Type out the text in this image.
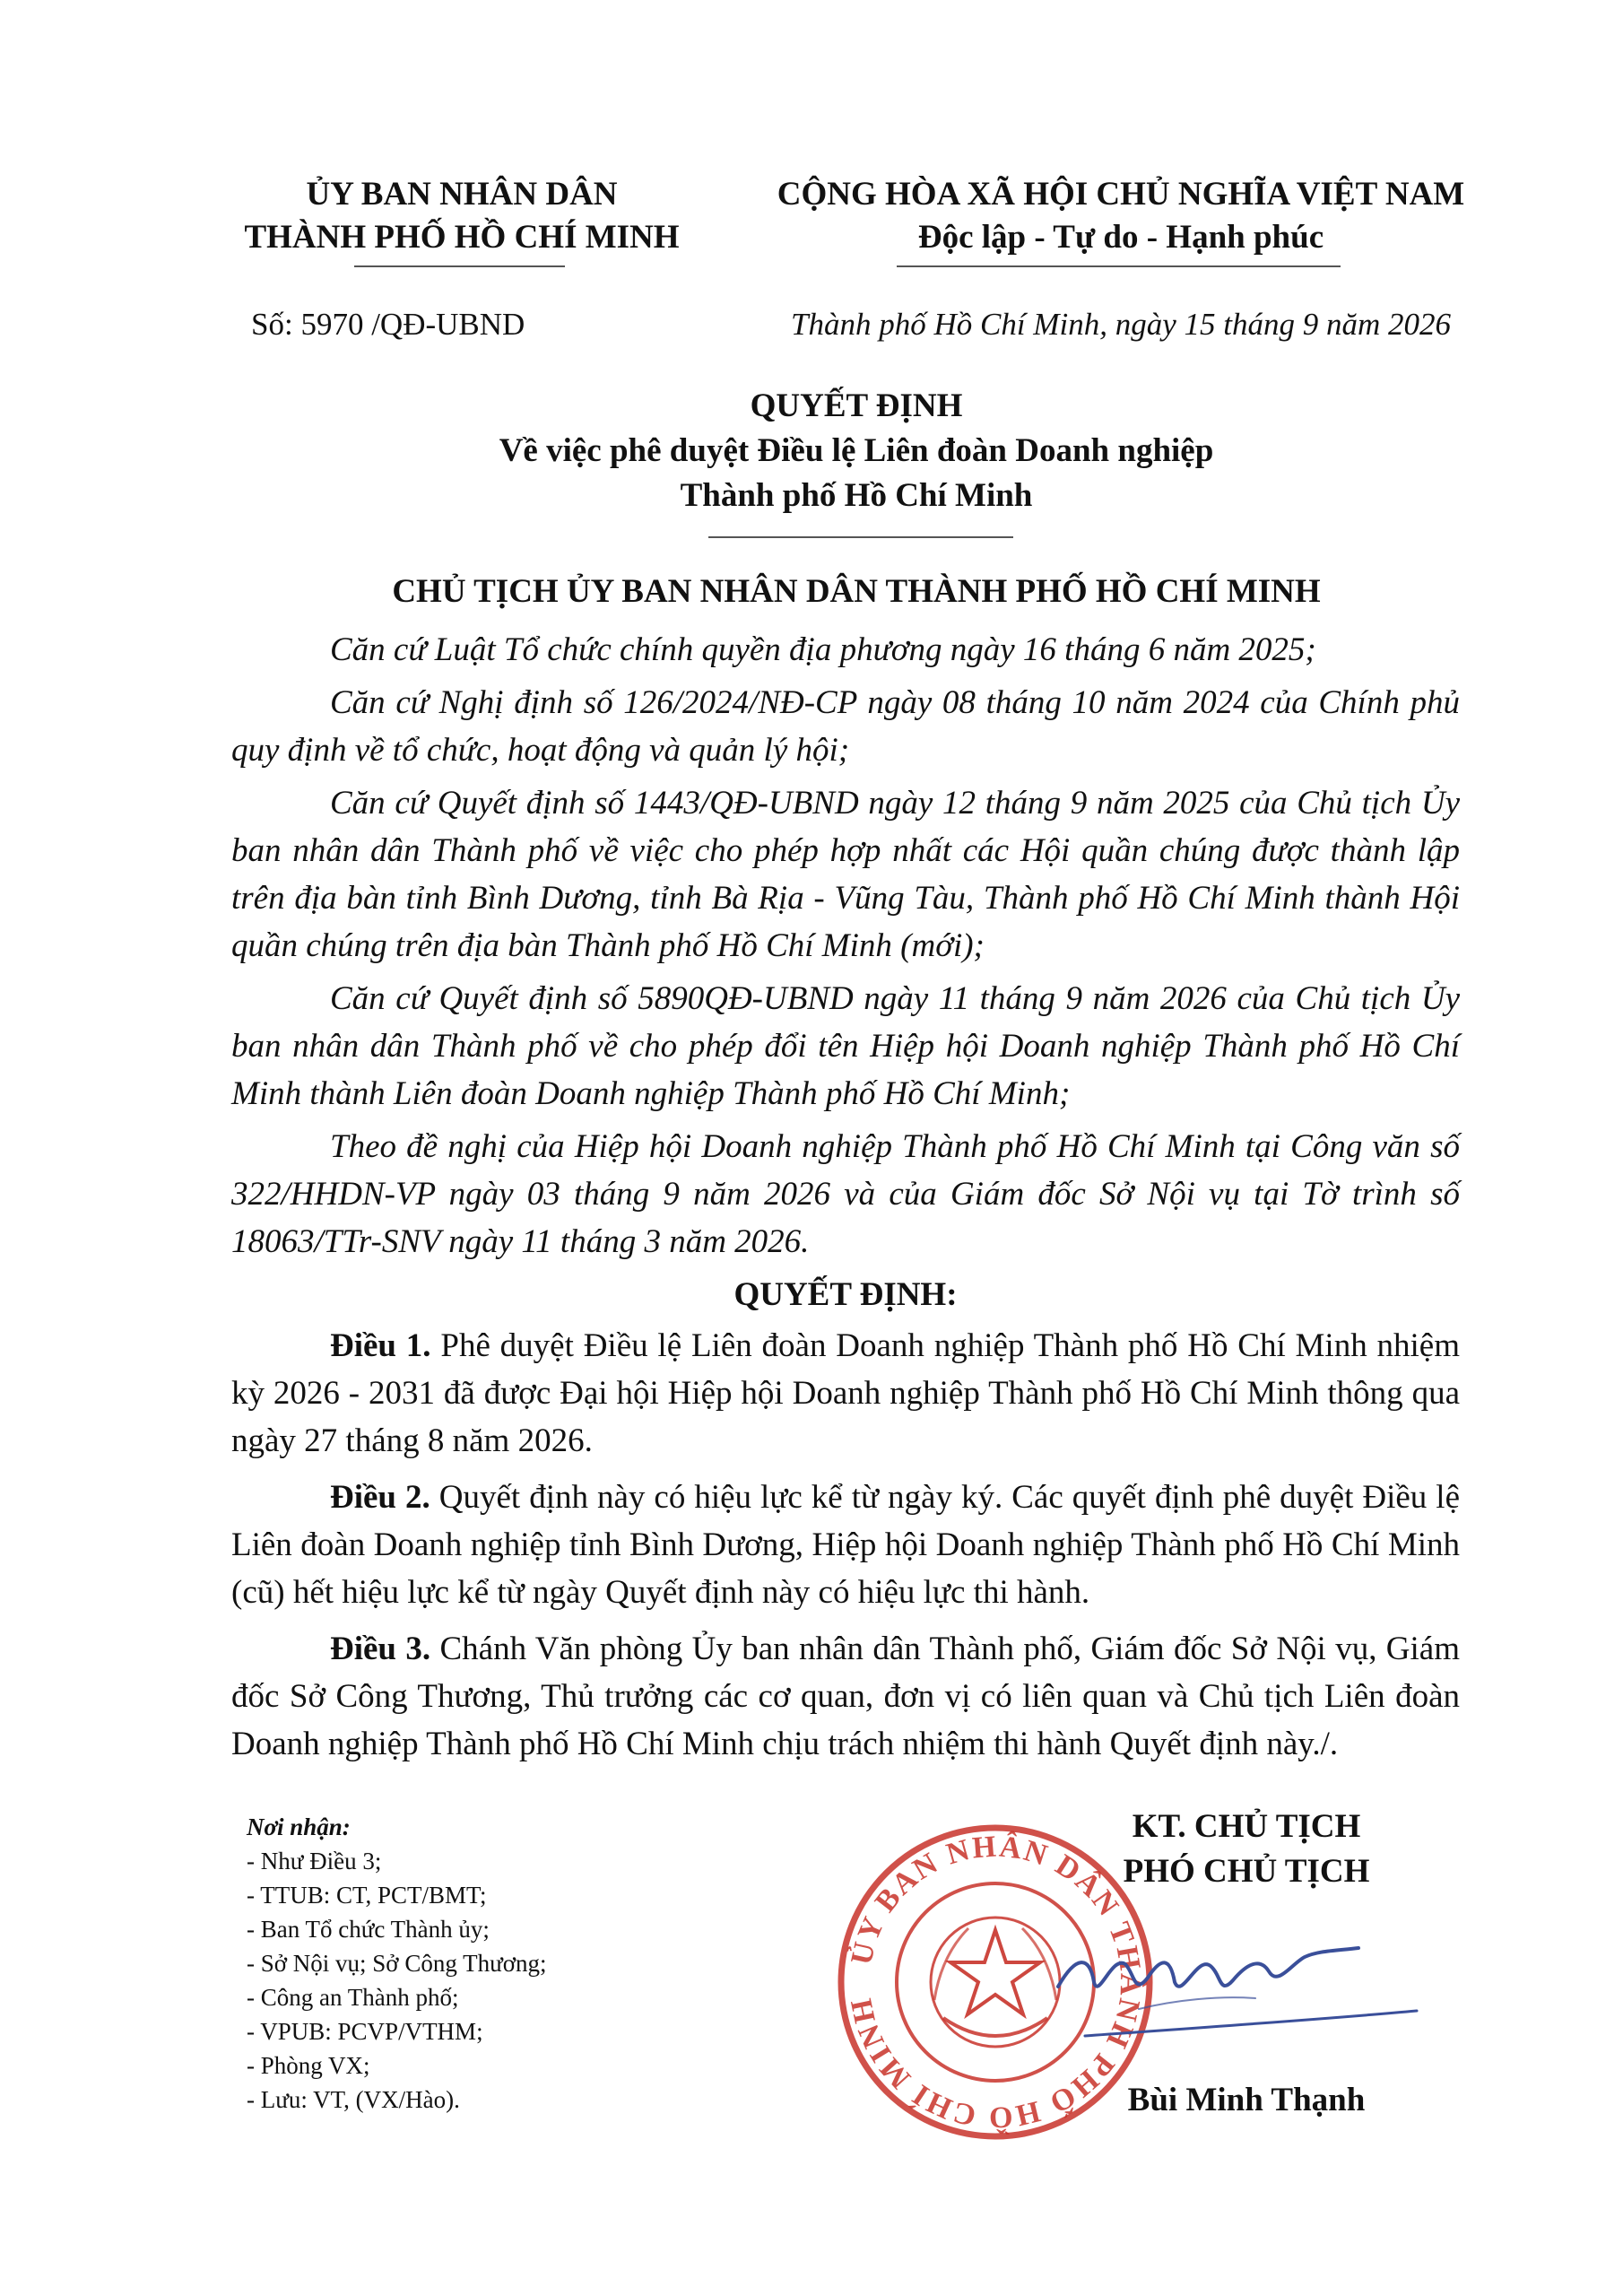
ỦY BAN NHÂN DÂN
THÀNH PHỐ HỒ CHÍ MINH
CỘNG HÒA XÃ HỘI CHỦ NGHĨA VIỆT NAM
Độc lập - Tự do - Hạnh phúc
Số: 5970 /QĐ-UBND	Thành phố Hồ Chí Minh, ngày 15 tháng 9 năm 2026
QUYẾT ĐỊNH
Về việc phê duyệt Điều lệ Liên đoàn Doanh nghiệp
Thành phố Hồ Chí Minh
CHỦ TỊCH ỦY BAN NHÂN DÂN THÀNH PHỐ HỒ CHÍ MINH

Căn cứ Luật Tổ chức chính quyền địa phương ngày 16 tháng 6 năm 2025;

Căn cứ Nghị định số 126/2024/NĐ-CP ngày 08 tháng 10 năm 2024 của Chính phủ quy định về tổ chức, hoạt động và quản lý hội;

Căn cứ Quyết định số 1443/QĐ-UBND ngày 12 tháng 9 năm 2025 của Chủ tịch Ủy ban nhân dân Thành phố về việc cho phép hợp nhất các Hội quần chúng được thành lập trên địa bàn tỉnh Bình Dương, tỉnh Bà Rịa - Vũng Tàu, Thành phố Hồ Chí Minh thành Hội quần chúng trên địa bàn Thành phố Hồ Chí Minh (mới);

Căn cứ Quyết định số 5890QĐ-UBND ngày 11 tháng 9 năm 2026 của Chủ tịch Ủy ban nhân dân Thành phố về cho phép đổi tên Hiệp hội Doanh nghiệp Thành phố Hồ Chí Minh thành Liên đoàn Doanh nghiệp Thành phố Hồ Chí Minh;

Theo đề nghị của Hiệp hội Doanh nghiệp Thành phố Hồ Chí Minh tại Công văn số 322/HHDN-VP ngày 03 tháng 9 năm 2026 và của Giám đốc Sở Nội vụ tại Tờ trình số 18063/TTr-SNV ngày 11 tháng 3 năm 2026.

QUYẾT ĐỊNH:

Điều 1. Phê duyệt Điều lệ Liên đoàn Doanh nghiệp Thành phố Hồ Chí Minh nhiệm kỳ 2026 - 2031 đã được Đại hội Hiệp hội Doanh nghiệp Thành phố Hồ Chí Minh thông qua ngày 27 tháng 8 năm 2026.

Điều 2. Quyết định này có hiệu lực kể từ ngày ký. Các quyết định phê duyệt Điều lệ Liên đoàn Doanh nghiệp tỉnh Bình Dương, Hiệp hội Doanh nghiệp Thành phố Hồ Chí Minh (cũ) hết hiệu lực kể từ ngày Quyết định này có hiệu lực thi hành.

Điều 3. Chánh Văn phòng Ủy ban nhân dân Thành phố, Giám đốc Sở Nội vụ, Giám đốc Sở Công Thương, Thủ trưởng các cơ quan, đơn vị có liên quan và Chủ tịch Liên đoàn Doanh nghiệp Thành phố Hồ Chí Minh chịu trách nhiệm thi hành Quyết định này./.

Nơi nhận:
- Như Điều 3;
- TTUB: CT, PCT/BMT;
- Ban Tổ chức Thành ủy;
- Sở Nội vụ; Sở Công Thương;
- Công an Thành phố;
- VPUB: PCVP/VTHM;
- Phòng VX;
- Lưu: VT, (VX/Hào).
ỦY BAN NHÂN DÂN THÀNH PHỐ HỒ CHÍ MINH
KT. CHỦ TỊCH
PHÓ CHỦ TỊCH
Bùi Minh Thạnh
